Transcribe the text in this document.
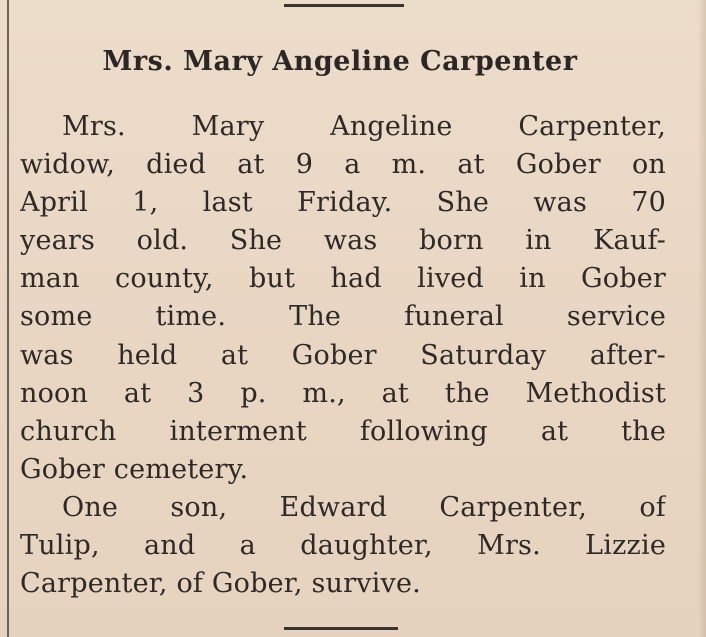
Mrs. Mary Angeline Carpenter
Mrs. Mary Angeline Carpenter,
widow, died at 9 a m. at Gober on
April 1, last Friday. She was 70
years old. She was born in Kauf-
man county, but had lived in Gober
some time. The funeral service
was held at Gober Saturday after-
noon at 3 p. m., at the Methodist
church interment following at the
Gober cemetery.
One son, Edward Carpenter, of
Tulip, and a daughter, Mrs. Lizzie
Carpenter, of Gober, survive.
